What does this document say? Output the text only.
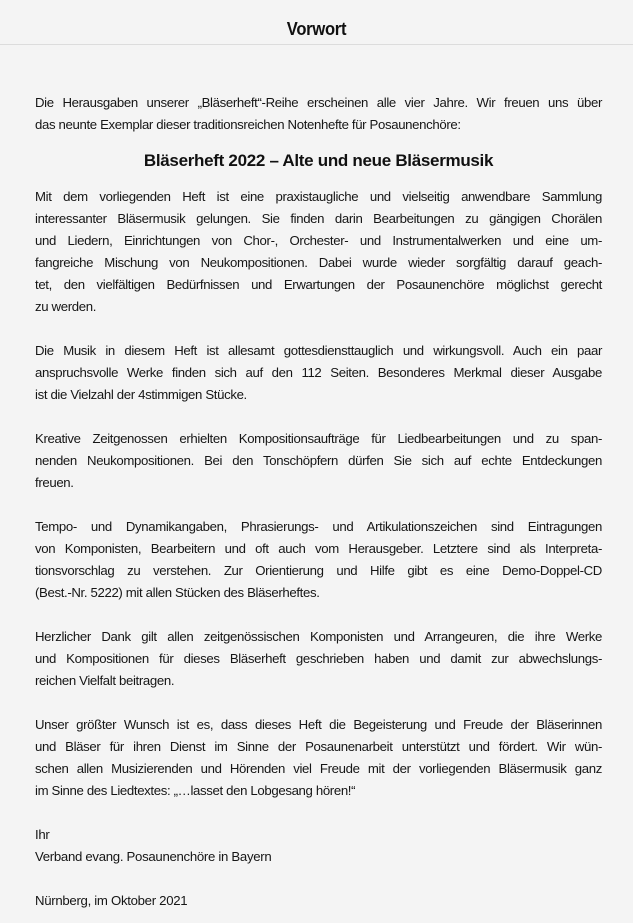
Vorwort

Die Herausgaben unserer „Bläserheft“-Reihe erscheinen alle vier Jahre. Wir freuen uns über
das neunte Exemplar dieser traditionsreichen Notenhefte für Posaunenchöre:

Bläserheft 2022 – Alte und neue Bläsermusik

Mit dem vorliegenden Heft ist eine praxistaugliche und vielseitig anwendbare Sammlung
interessanter Bläsermusik gelungen. Sie finden darin Bearbeitungen zu gängigen Chorälen
und Liedern, Einrichtungen von Chor-, Orchester- und Instrumentalwerken und eine um-
fangreiche Mischung von Neukompositionen. Dabei wurde wieder sorgfältig darauf geach-
tet, den vielfältigen Bedürfnissen und Erwartungen der Posaunenchöre möglichst gerecht
zu werden.

Die Musik in diesem Heft ist allesamt gottesdiensttauglich und wirkungsvoll. Auch ein paar
anspruchsvolle Werke finden sich auf den 112 Seiten. Besonderes Merkmal dieser Ausgabe
ist die Vielzahl der 4stimmigen Stücke.

Kreative Zeitgenossen erhielten Kompositionsaufträge für Liedbearbeitungen und zu span-
nenden Neukompositionen. Bei den Tonschöpfern dürfen Sie sich auf echte Entdeckungen
freuen.

Tempo- und Dynamikangaben, Phrasierungs- und Artikulationszeichen sind Eintragungen
von Komponisten, Bearbeitern und oft auch vom Herausgeber. Letztere sind als Interpreta-
tionsvorschlag zu verstehen. Zur Orientierung und Hilfe gibt es eine Demo-Doppel-CD
(Best.-Nr. 5222) mit allen Stücken des Bläserheftes.

Herzlicher Dank gilt allen zeitgenössischen Komponisten und Arrangeuren, die ihre Werke
und Kompositionen für dieses Bläserheft geschrieben haben und damit zur abwechslungs-
reichen Vielfalt beitragen.

Unser größter Wunsch ist es, dass dieses Heft die Begeisterung und Freude der Bläserinnen
und Bläser für ihren Dienst im Sinne der Posaunenarbeit unterstützt und fördert. Wir wün-
schen allen Musizierenden und Hörenden viel Freude mit der vorliegenden Bläsermusik ganz
im Sinne des Liedtextes: „…lasset den Lobgesang hören!“

Ihr
Verband evang. Posaunenchöre in Bayern
Nürnberg, im Oktober 2021
